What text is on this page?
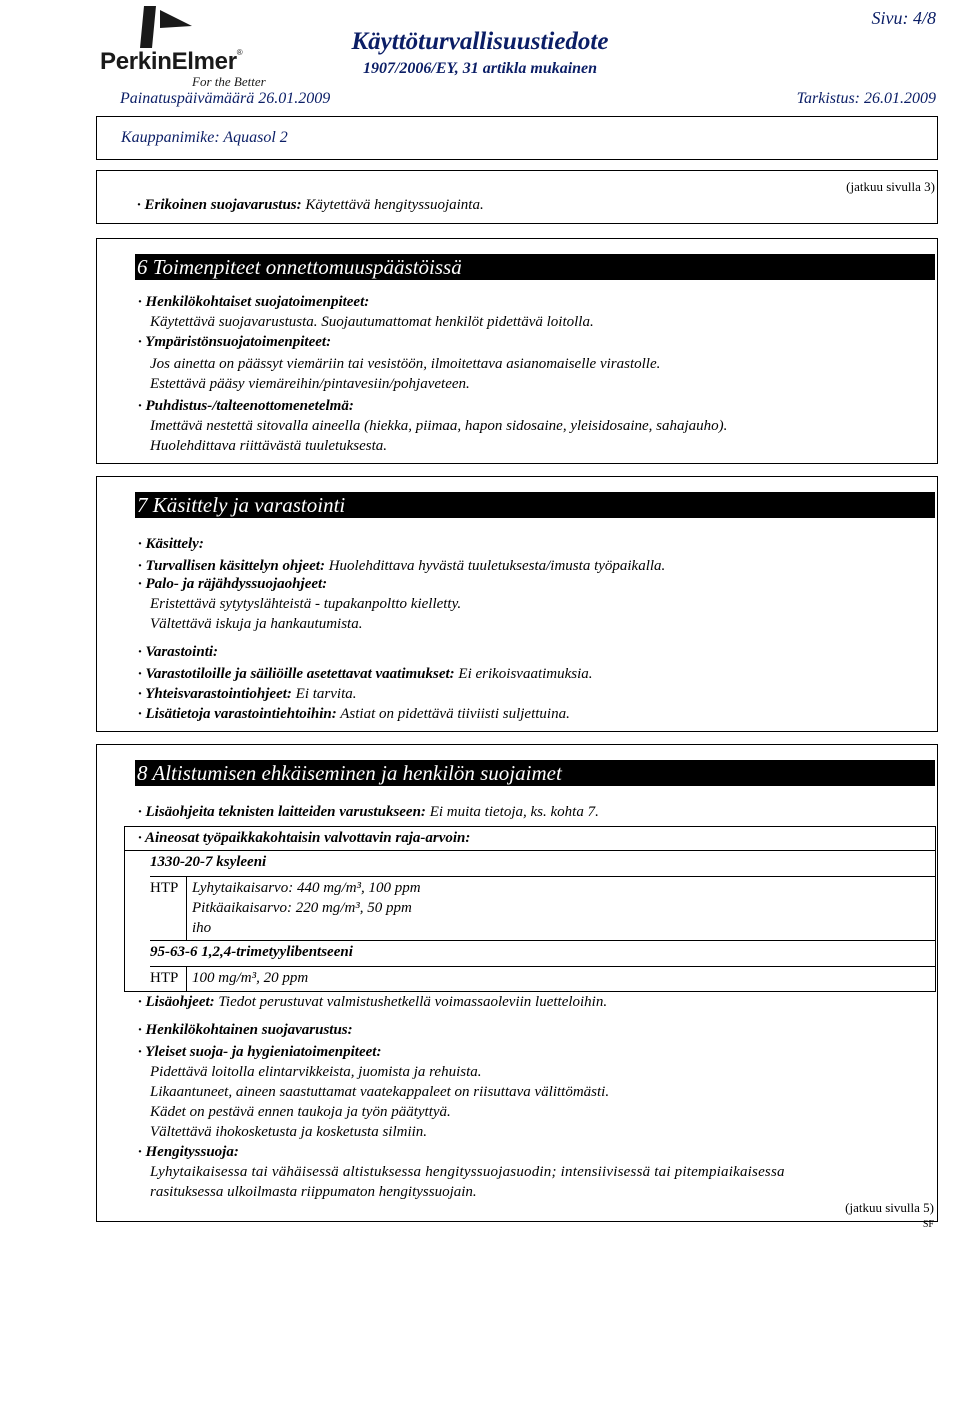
PerkinElmer®
For the Better
Käyttöturvallisuustiedote
1907/2006/EY, 31 artikla mukainen
Sivu: 4/8
Painatuspäivämäärä 26.01.2009	Tarkistus: 26.01.2009
Kauppanimike: Aquasol 2
(jatkuu sivulla 3)
· Erikoinen suojavarustus: Käytettävä hengityssuojainta.
6 Toimenpiteet onnettomuuspäästöissä
· Henkilökohtaiset suojatoimenpiteet:
Käytettävä suojavarustusta. Suojautumattomat henkilöt pidettävä loitolla.
· Ympäristönsuojatoimenpiteet:
Jos ainetta on päässyt viemäriin tai vesistöön, ilmoitettava asianomaiselle virastolle.
Estettävä pääsy viemäreihin/pintavesiin/pohjaveteen.
· Puhdistus-/talteenottomenetelmä:
Imettävä nestettä sitovalla aineella (hiekka, piimaa, hapon sidosaine, yleisidosaine, sahajauho).
Huolehdittava riittävästä tuuletuksesta.
7 Käsittely ja varastointi
· Käsittely:
· Turvallisen käsittelyn ohjeet: Huolehdittava hyvästä tuuletuksesta/imusta työpaikalla.
· Palo- ja räjähdyssuojaohjeet:
Eristettävä sytytyslähteistä - tupakanpoltto kielletty.
Vältettävä iskuja ja hankautumista.
· Varastointi:
· Varastotiloille ja säiliöille asetettavat vaatimukset: Ei erikoisvaatimuksia.
· Yhteisvarastointiohjeet: Ei tarvita.
· Lisätietoja varastointiehtoihin: Astiat on pidettävä tiiviisti suljettuina.
8 Altistumisen ehkäiseminen ja henkilön suojaimet
· Lisäohjeita teknisten laitteiden varustukseen: Ei muita tietoja, ks. kohta 7.
· Aineosat työpaikkakohtaisin valvottavin raja-arvoin:
1330-20-7 ksyleeni
HTP Lyhytaikaisarvo: 440 mg/m³, 100 ppm
Pitkäaikaisarvo: 220 mg/m³, 50 ppm
iho
95-63-6 1,2,4-trimetyylibentseeni
HTP 100 mg/m³, 20 ppm
· Lisäohjeet: Tiedot perustuvat valmistushetkellä voimassaoleviin luetteloihin.
· Henkilökohtainen suojavarustus:
· Yleiset suoja- ja hygieniatoimenpiteet:
Pidettävä loitolla elintarvikkeista, juomista ja rehuista.
Likaantuneet, aineen saastuttamat vaatekappaleet on riisuttava välittömästi.
Kädet on pestävä ennen taukoja ja työn päätyttyä.
Vältettävä ihokosketusta ja kosketusta silmiin.
· Hengityssuoja:
Lyhytaikaisessa tai vähäisessä altistuksessa hengityssuojasuodin; intensiivisessä tai pitempiaikaisessa
rasituksessa ulkoilmasta riippumaton hengityssuojain.
(jatkuu sivulla 5)
SF
